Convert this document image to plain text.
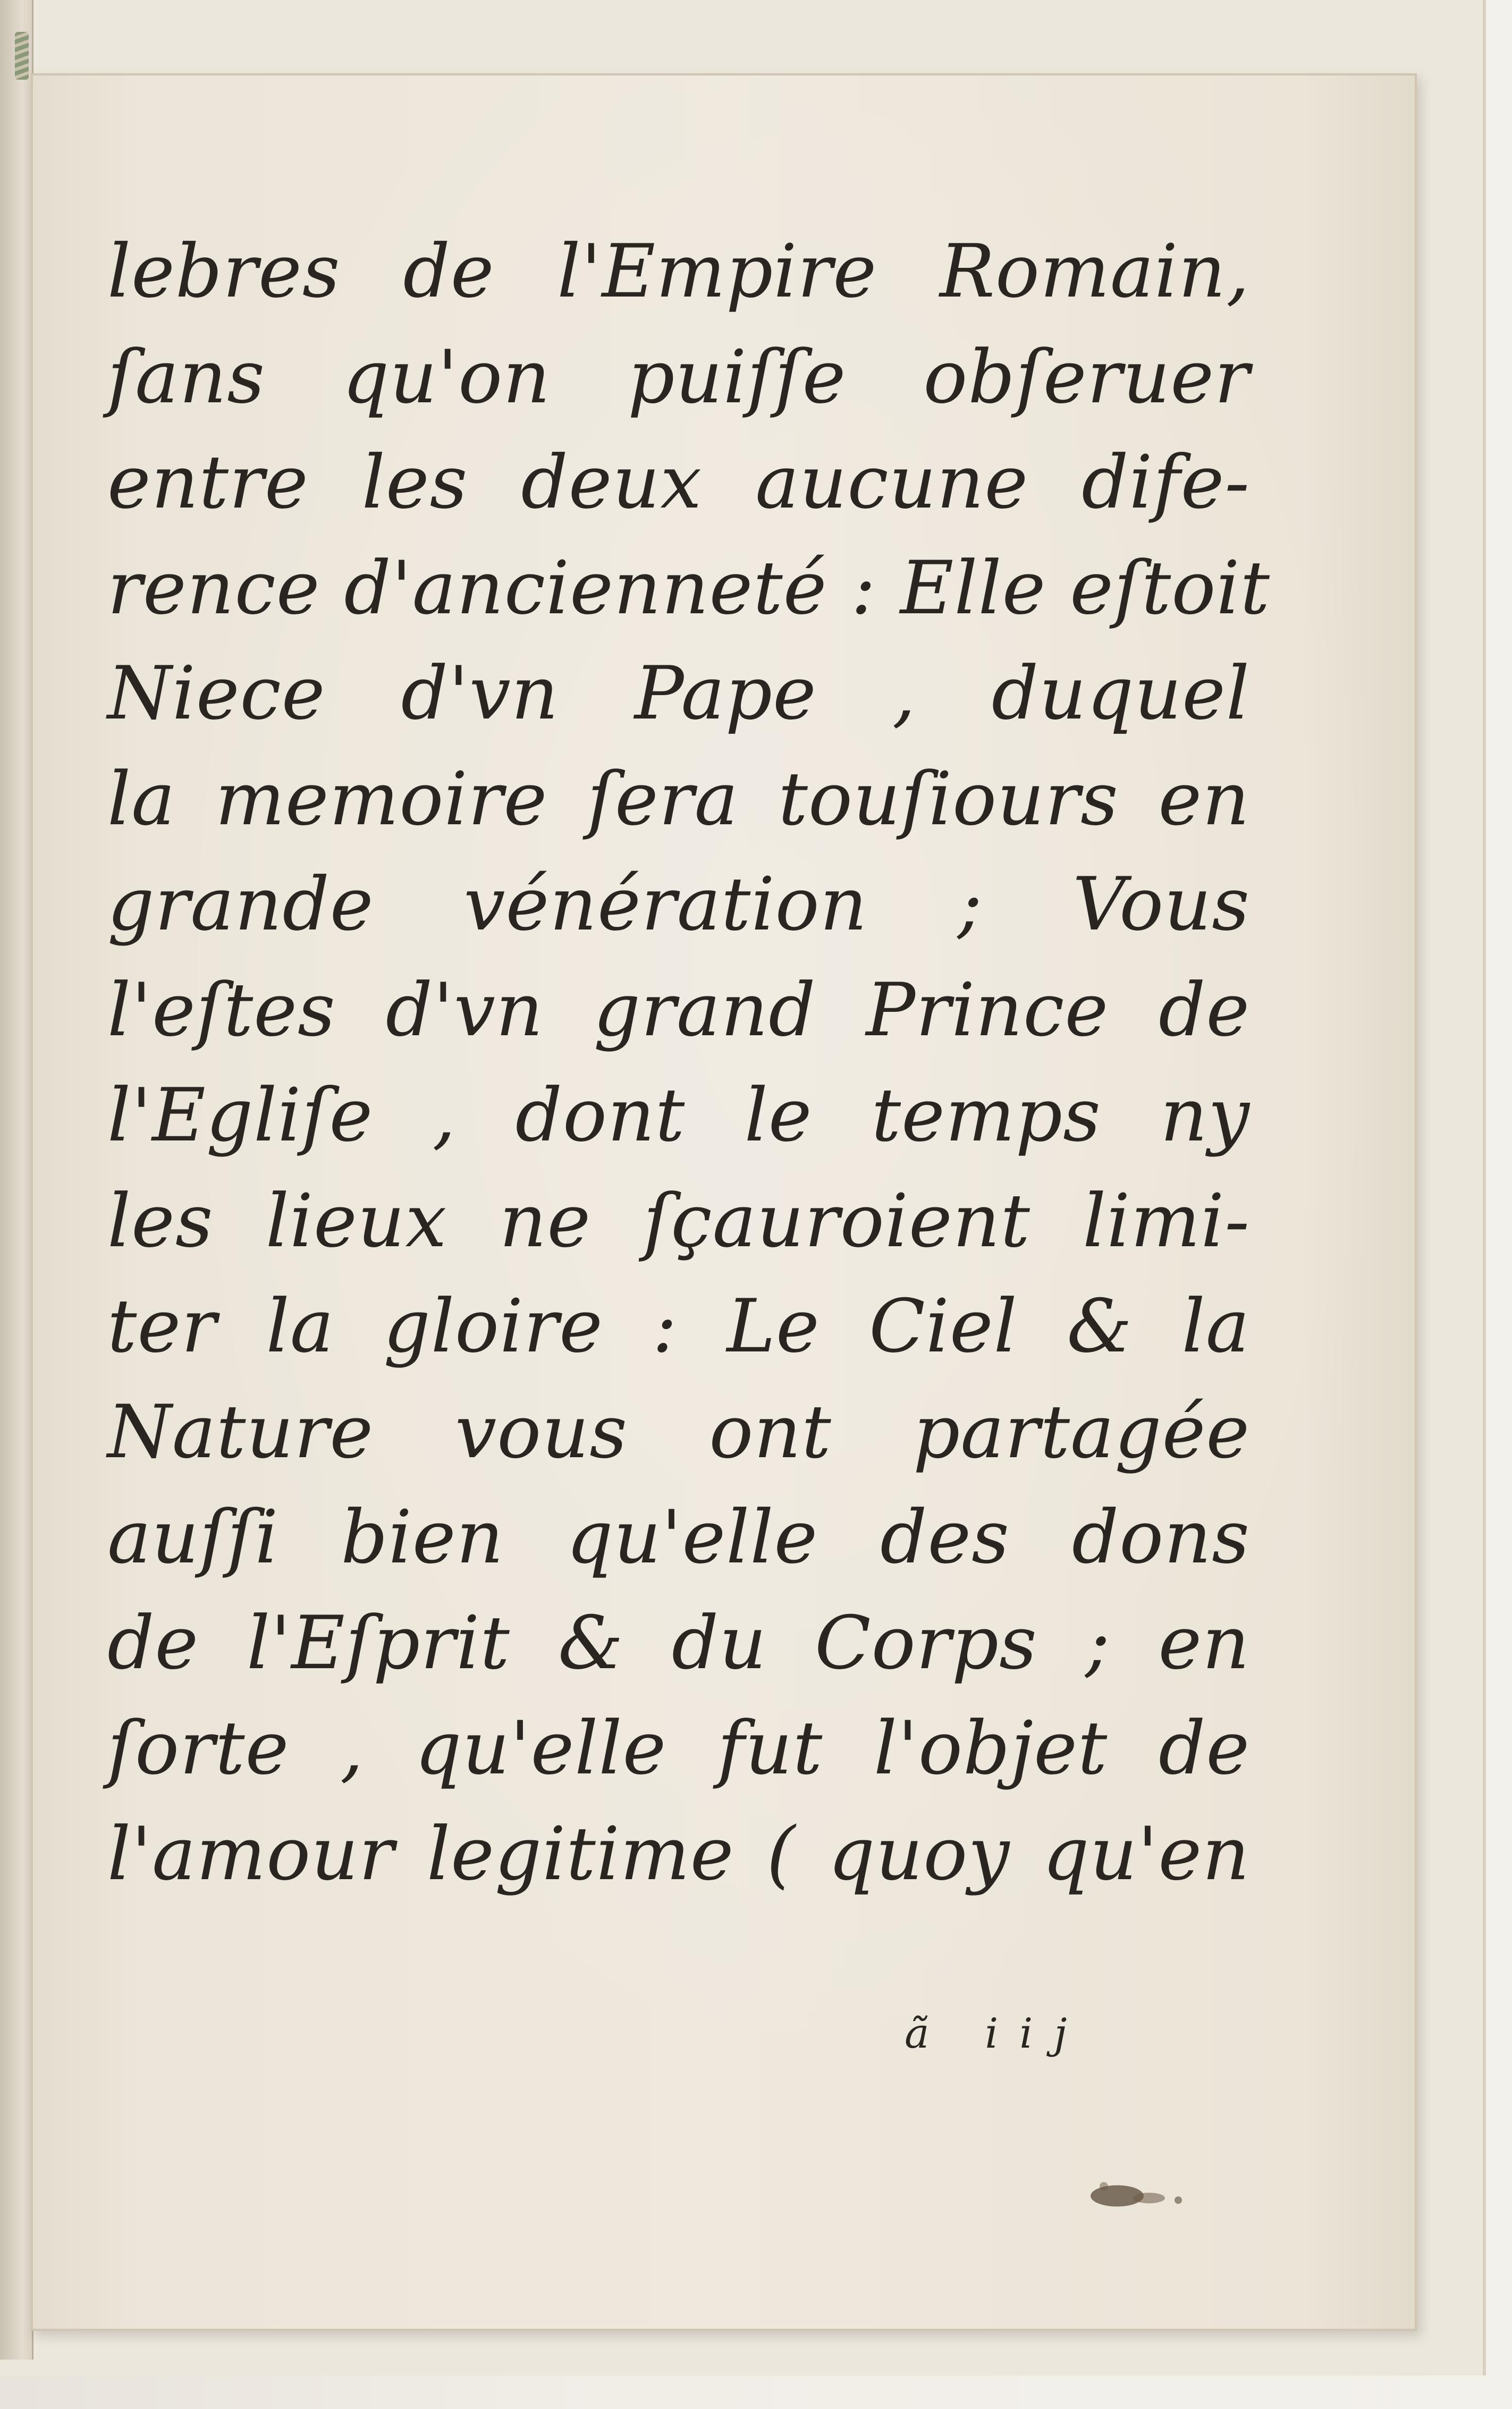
lebres de l'Empire Romain,
ſans qu'on puiſſe obſeruer
entre les deux aucune dife-
rence d'ancienneté : Elle eſtoit
Niece d'vn Pape , duquel
la memoire ſera touſiours en
grande vénération ; Vous
l'eſtes d'vn grand Prince de
l'Egliſe , dont le temps ny
les lieux ne ſçauroient limi-
ter la gloire : Le Ciel & la
Nature vous ont partagée
auſſi bien qu'elle des dons
de l'Eſprit & du Corps ; en
ſorte , qu'elle fut l'objet de
l'amour legitime ( quoy qu'en
ã iij
